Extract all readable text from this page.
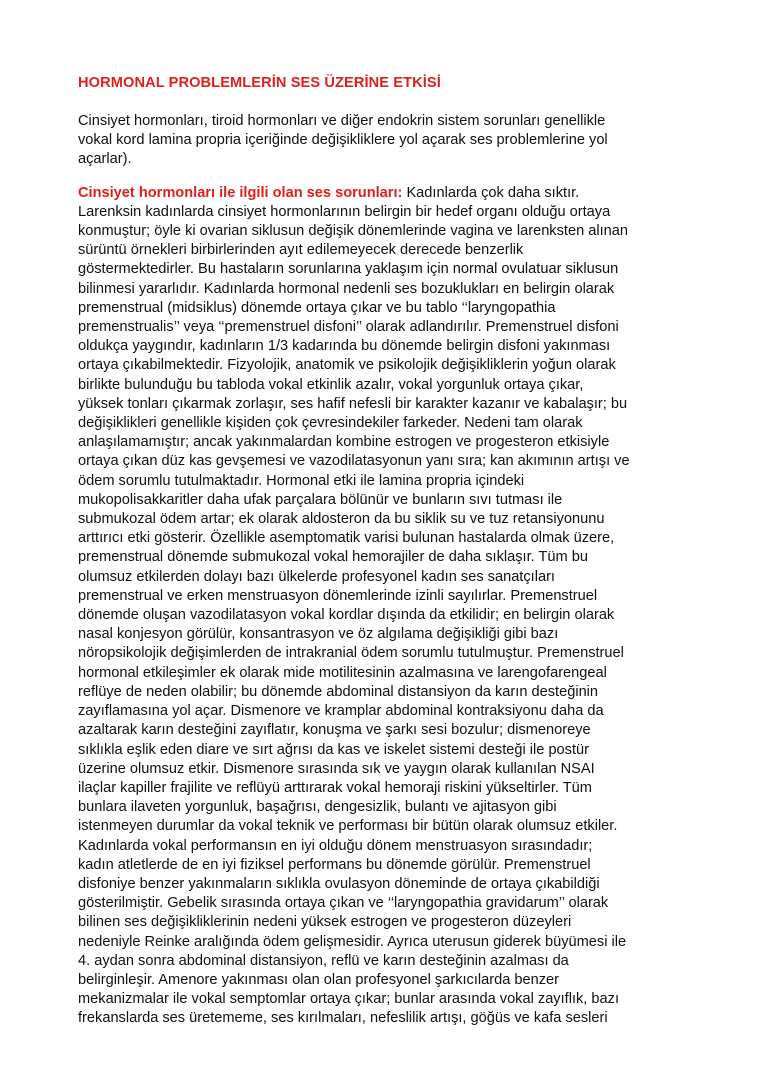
HORMONAL PROBLEMLERİN SES ÜZERİNE ETKİSİ
Cinsiyet hormonları, tiroid hormonları ve diğer endokrin sistem sorunları genellikle
vokal kord lamina propria içeriğinde değişikliklere yol açarak ses problemlerine yol
açarlar).
Cinsiyet hormonları ile ilgili olan ses sorunları: Kadınlarda çok daha sıktır.
Larenksin kadınlarda cinsiyet hormonlarının belirgin bir hedef organı olduğu ortaya
konmuştur; öyle ki ovarian siklusun değişik dönemlerinde vagina ve larenksten alınan
sürüntü örnekleri birbirlerinden ayıt edilemeyecek derecede benzerlik
göstermektedirler. Bu hastaların sorunlarına yaklaşım için normal ovulatuar siklusun
bilinmesi yararlıdır. Kadınlarda hormonal nedenli ses bozuklukları en belirgin olarak
premenstrual (midsiklus) dönemde ortaya çıkar ve bu tablo ‘‘laryngopathia
premenstrualis’’ veya ‘‘premenstruel disfoni’’ olarak adlandırılır. Premenstruel disfoni
oldukça yaygındır, kadınların 1/3 kadarında bu dönemde belirgin disfoni yakınması
ortaya çıkabilmektedir. Fizyolojik, anatomik ve psikolojik değişikliklerin yoğun olarak
birlikte bulunduğu bu tabloda vokal etkinlik azalır, vokal yorgunluk ortaya çıkar,
yüksek tonları çıkarmak zorlaşır, ses hafif nefesli bir karakter kazanır ve kabalaşır; bu
değişiklikleri genellikle kişiden çok çevresindekiler farkeder. Nedeni tam olarak
anlaşılamamıştır; ancak yakınmalardan kombine estrogen ve progesteron etkisiyle
ortaya çıkan düz kas gevşemesi ve vazodilatasyonun yanı sıra; kan akımının artışı ve
ödem sorumlu tutulmaktadır. Hormonal etki ile lamina propria içindeki
mukopolisakkaritler daha ufak parçalara bölünür ve bunların sıvı tutması ile
submukozal ödem artar; ek olarak aldosteron da bu siklik su ve tuz retansiyonunu
arttırıcı etki gösterir. Özellikle asemptomatik varisi bulunan hastalarda olmak üzere,
premenstrual dönemde submukozal vokal hemorajiler de daha sıklaşır. Tüm bu
olumsuz etkilerden dolayı bazı ülkelerde profesyonel kadın ses sanatçıları
premenstrual ve erken menstruasyon dönemlerinde izinli sayılırlar. Premenstruel
dönemde oluşan vazodilatasyon vokal kordlar dışında da etkilidir; en belirgin olarak
nasal konjesyon görülür, konsantrasyon ve öz algılama değişikliği gibi bazı
nöropsikolojik değişimlerden de intrakranial ödem sorumlu tutulmuştur. Premenstruel
hormonal etkileşimler ek olarak mide motilitesinin azalmasına ve larengofarengeal
reflüye de neden olabilir; bu dönemde abdominal distansiyon da karın desteğinin
zayıflamasına yol açar. Dismenore ve kramplar abdominal kontraksiyonu daha da
azaltarak karın desteğini zayıflatır, konuşma ve şarkı sesi bozulur; dismenoreye
sıklıkla eşlik eden diare ve sırt ağrısı da kas ve iskelet sistemi desteği ile postür
üzerine olumsuz etkir. Dismenore sırasında sık ve yaygın olarak kullanılan NSAI
ilaçlar kapiller frajilite ve reflüyü arttırarak vokal hemoraji riskini yükseltirler. Tüm
bunlara ilaveten yorgunluk, başağrısı, dengesizlik, bulantı ve ajitasyon gibi
istenmeyen durumlar da vokal teknik ve performası bir bütün olarak olumsuz etkiler.
Kadınlarda vokal performansın en iyi olduğu dönem menstruasyon sırasındadır;
kadın atletlerde de en iyi fiziksel performans bu dönemde görülür. Premenstruel
disfoniye benzer yakınmaların sıklıkla ovulasyon döneminde de ortaya çıkabildiği
gösterilmiştir. Gebelik sırasında ortaya çıkan ve ‘‘laryngopathia gravidarum’’ olarak
bilinen ses değişikliklerinin nedeni yüksek estrogen ve progesteron düzeyleri
nedeniyle Reinke aralığında ödem gelişmesidir. Ayrıca uterusun giderek büyümesi ile
4. aydan sonra abdominal distansiyon, reflü ve karın desteğinin azalması da
belirginleşir. Amenore yakınması olan olan profesyonel şarkıcılarda benzer
mekanizmalar ile vokal semptomlar ortaya çıkar; bunlar arasında vokal zayıflık, bazı
frekanslarda ses üretememe, ses kırılmaları, nefeslilik artışı, göğüs ve kafa sesleri
